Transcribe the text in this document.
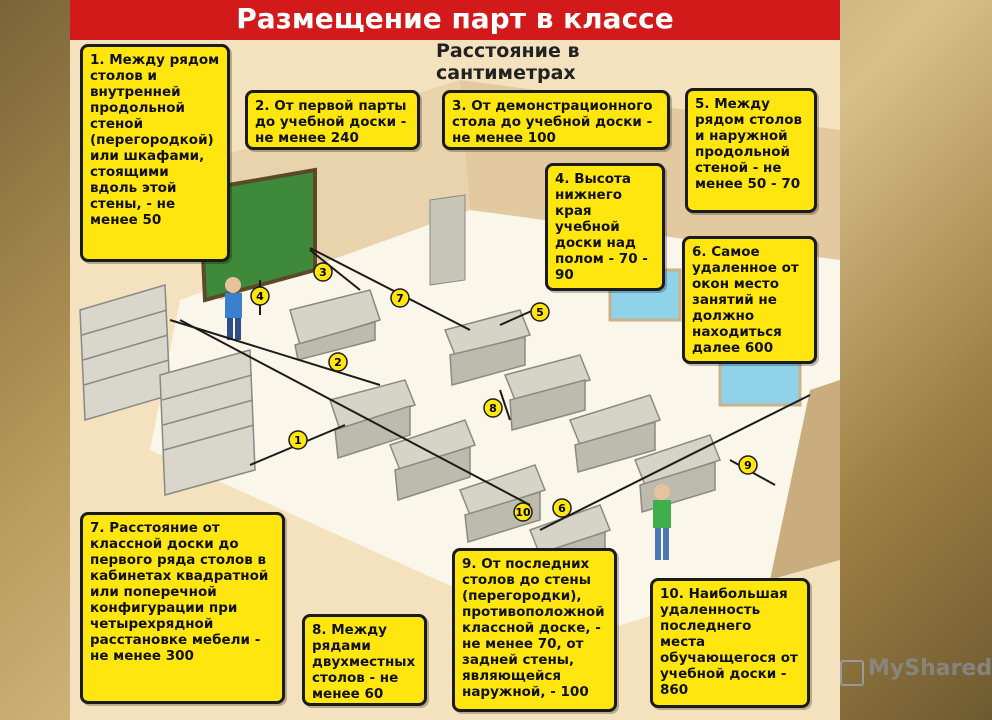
1
2
3
4
5
6
7
8
9
10
Размещение парт в классе
Расстояние в сантиметрах
1. Между рядом столов и внутренней продольной стеной (перегородкой) или шкафами, стоящими вдоль этой стены, - не менее 50
2. От первой парты до учебной доски - не менее 240
3. От демонстрационного стола до учебной доски - не менее 100
4. Высота нижнего края учебной доски над полом - 70 - 90
5. Между рядом столов и наружной продольной стеной - не менее 50 - 70
6. Самое удаленное от окон место занятий не должно находиться далее 600
7. Расстояние от классной доски до первого ряда столов в кабинетах квадратной или поперечной конфигурации при четырехрядной расстановке мебели - не менее 300
8. Между рядами двухместных столов - не менее 60
9. От последних столов до стены (перегородки), противоположной классной доске, - не менее 70, от задней стены, являющейся наружной, - 100
10. Наибольшая удаленность последнего места обучающегося от учебной доски - 860
MyShared
